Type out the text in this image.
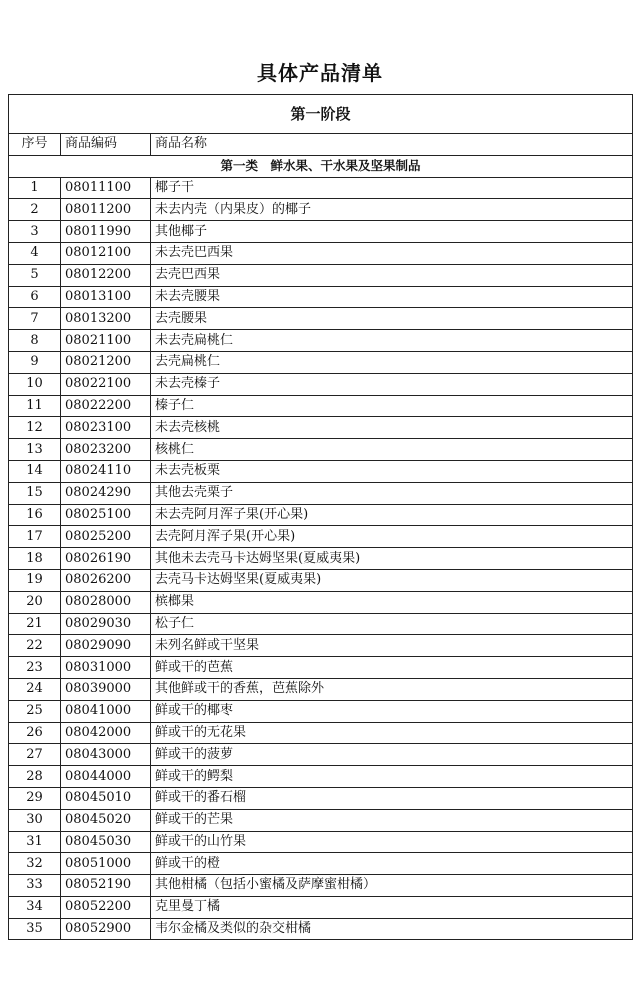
具体产品清单
第一阶段		
序号	商品编码	商品名称
第一类　鲜水果、干水果及坚果制品		
1	08011100	椰子干
2	08011200	未去内壳（内果皮）的椰子
3	08011990	其他椰子
4	08012100	未去壳巴西果
5	08012200	去壳巴西果
6	08013100	未去壳腰果
7	08013200	去壳腰果
8	08021100	未去壳扁桃仁
9	08021200	去壳扁桃仁
10	08022100	未去壳榛子
11	08022200	榛子仁
12	08023100	未去壳核桃
13	08023200	核桃仁
14	08024110	未去壳板栗
15	08024290	其他去壳栗子
16	08025100	未去壳阿月浑子果(开心果)
17	08025200	去壳阿月浑子果(开心果)
18	08026190	其他未去壳马卡达姆坚果(夏威夷果)
19	08026200	去壳马卡达姆坚果(夏威夷果)
20	08028000	槟榔果
21	08029030	松子仁
22	08029090	未列名鲜或干坚果
23	08031000	鲜或干的芭蕉
24	08039000	其他鲜或干的香蕉，芭蕉除外
25	08041000	鲜或干的椰枣
26	08042000	鲜或干的无花果
27	08043000	鲜或干的菠萝
28	08044000	鲜或干的鳄梨
29	08045010	鲜或干的番石榴
30	08045020	鲜或干的芒果
31	08045030	鲜或干的山竹果
32	08051000	鲜或干的橙
33	08052190	其他柑橘（包括小蜜橘及萨摩蜜柑橘）
34	08052200	克里曼丁橘
35	08052900	韦尔金橘及类似的杂交柑橘
